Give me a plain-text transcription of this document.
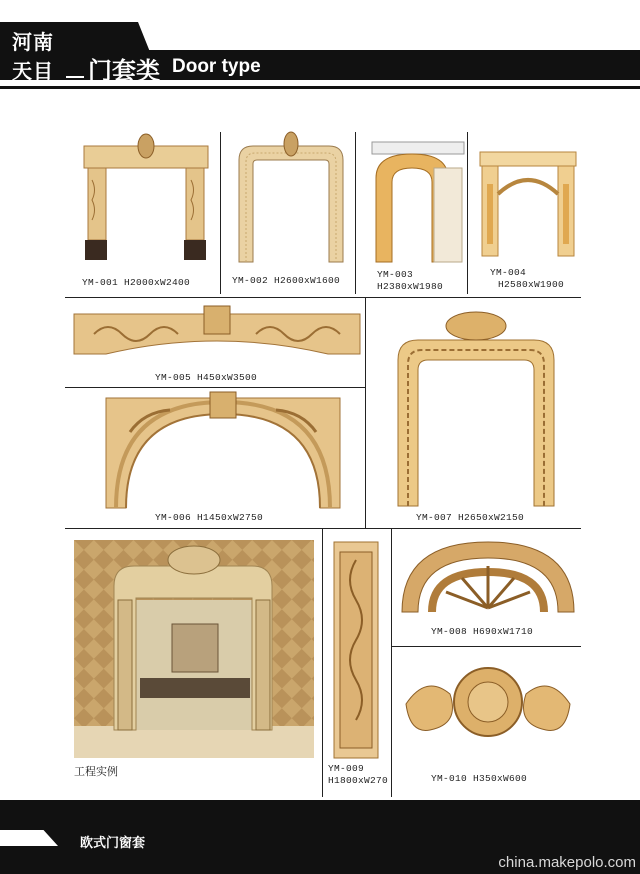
河南
天目 门套类 Door type
YM-001 H2000xW2400	YM-002 H2600xW1600
YM-003
H2380xW1980
YM-004
H2580xW1900
YM-005 H450xW3500
YM-006 H1450xW2750	YM-007 H2650xW2150
工程实例	YM-009
H1800xW270
YM-008 H690xW1710
YM-010 H350xW600
欧式门窗套
china.makepolo.com
